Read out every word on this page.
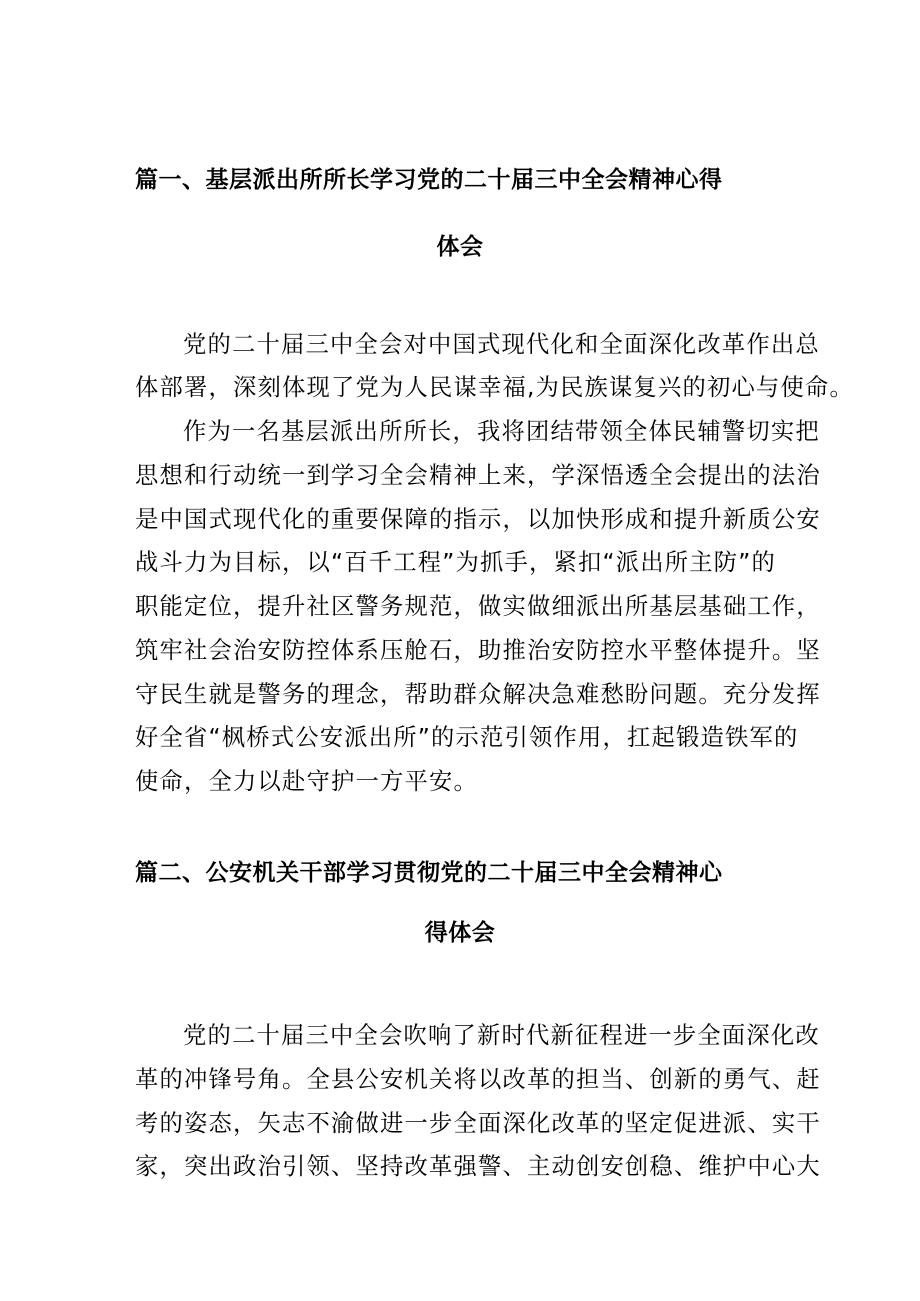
篇一、基层派出所所长学习党的二十届三中全会精神心得
体会
党的二十届三中全会对中国式现代化和全面深化改革作出总
体部署，深刻体现了党为人民谋幸福,为民族谋复兴的初心与使命。
作为一名基层派出所所长，我将团结带领全体民辅警切实把
思想和行动统一到学习全会精神上来，学深悟透全会提出的法治
是中国式现代化的重要保障的指示，以加快形成和提升新质公安
战斗力为目标，以“百千工程”为抓手，紧扣“派出所主防”的
职能定位，提升社区警务规范，做实做细派出所基层基础工作，
筑牢社会治安防控体系压舱石，助推治安防控水平整体提升。坚
守民生就是警务的理念，帮助群众解决急难愁盼问题。充分发挥
好全省“枫桥式公安派出所”的示范引领作用，扛起锻造铁军的
使命，全力以赴守护一方平安。
篇二、公安机关干部学习贯彻党的二十届三中全会精神心
得体会
党的二十届三中全会吹响了新时代新征程进一步全面深化改
革的冲锋号角。全县公安机关将以改革的担当、创新的勇气、赶
考的姿态，矢志不渝做进一步全面深化改革的坚定促进派、实干
家，突出政治引领、坚持改革强警、主动创安创稳、维护中心大
